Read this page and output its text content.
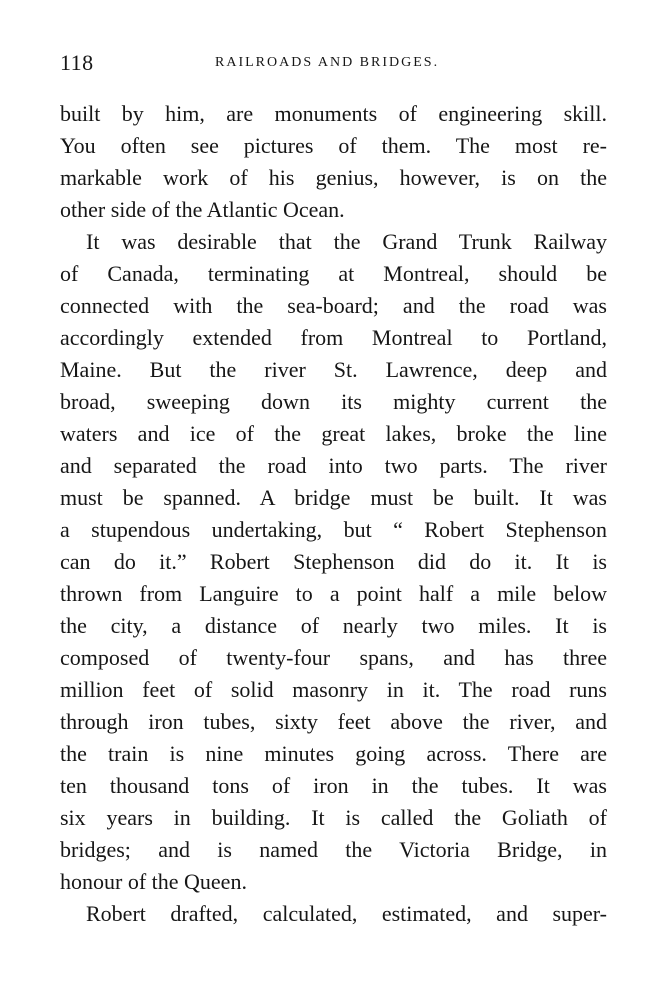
118	RAILROADS AND BRIDGES.
built by him, are monuments of engineering skill.
You often see pictures of them. The most re-
markable work of his genius, however, is on the
other side of the Atlantic Ocean.
It was desirable that the Grand Trunk Railway
of Canada, terminating at Montreal, should be
connected with the sea-board; and the road was
accordingly extended from Montreal to Portland,
Maine. But the river St. Lawrence, deep and
broad, sweeping down its mighty current the
waters and ice of the great lakes, broke the line
and separated the road into two parts. The river
must be spanned. A bridge must be built. It was
a stupendous undertaking, but “ Robert Stephenson
can do it.” Robert Stephenson did do it. It is
thrown from Languire to a point half a mile below
the city, a distance of nearly two miles. It is
composed of twenty-four spans, and has three
million feet of solid masonry in it. The road runs
through iron tubes, sixty feet above the river, and
the train is nine minutes going across. There are
ten thousand tons of iron in the tubes. It was
six years in building. It is called the Goliath of
bridges; and is named the Victoria Bridge, in
honour of the Queen.
Robert drafted, calculated, estimated, and super-
